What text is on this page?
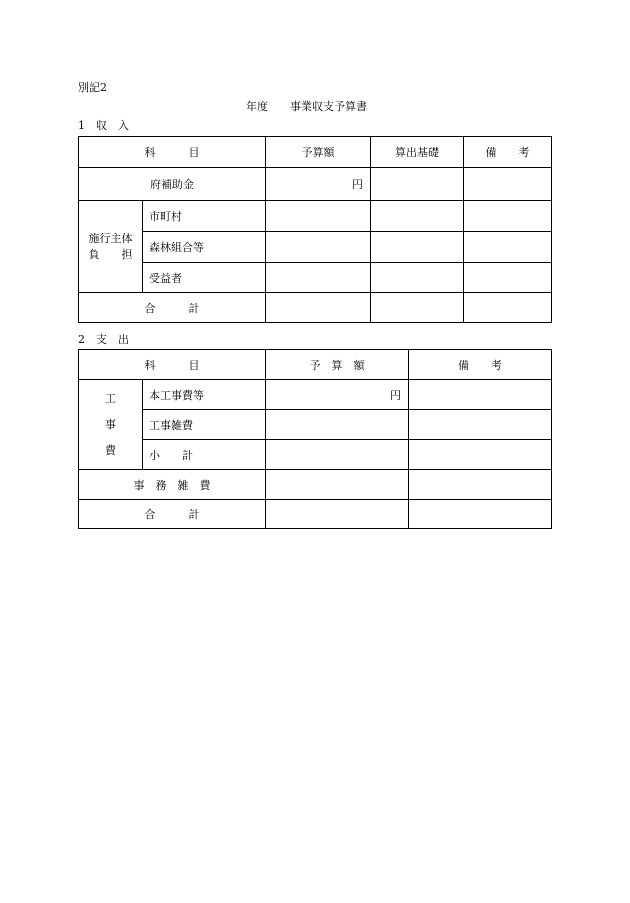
別記2
年度　　事業収支予算書
1　収　入
科　　　目		予算額	算出基礎	備　　考
府補助金		円		
施行主体
負　　担	市町村			
	森林組合等			
	受益者			
合　　　計				
2　支　出
科　　　目		予　算　額	備　　考
工
事
費	本工事費等	円	
	工事雑費		
	小　　計		
事　務　雑　費			
合　　　計			
